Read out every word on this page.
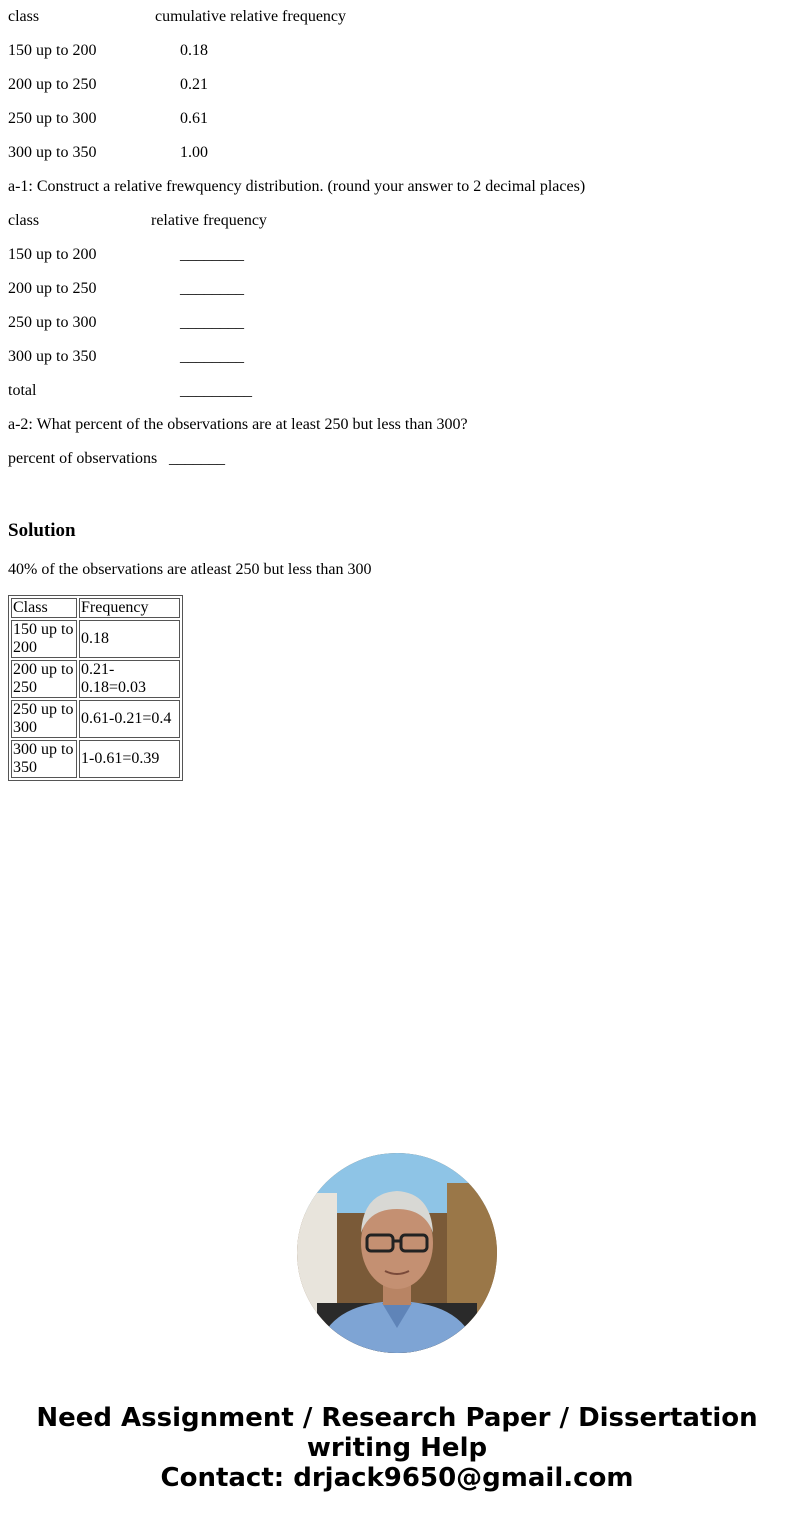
class	cumulative relative frequency
150 up to 200	0.18
200 up to 250	0.21
250 up to 300	0.61
300 up to 350	1.00
a-1: Construct a relative frewquency distribution. (round your answer to 2 decimal places)
class	relative frequency
150 up to 200	________
200 up to 250	________
250 up to 300	________
300 up to 350	________
total	_________
a-2: What percent of the observations are at least 250 but less than 300?
percent of observations _______
Solution
40% of the observations are atleast 250 but less than 300
Class	Frequency
150 up to 200	0.18
200 up to 250	0.21-0.18=0.03
250 up to 300	0.61-0.21=0.4
300 up to 350	1-0.61=0.39
Need Assignment / Research Paper / Dissertation
writing Help
Contact: drjack9650@gmail.com
